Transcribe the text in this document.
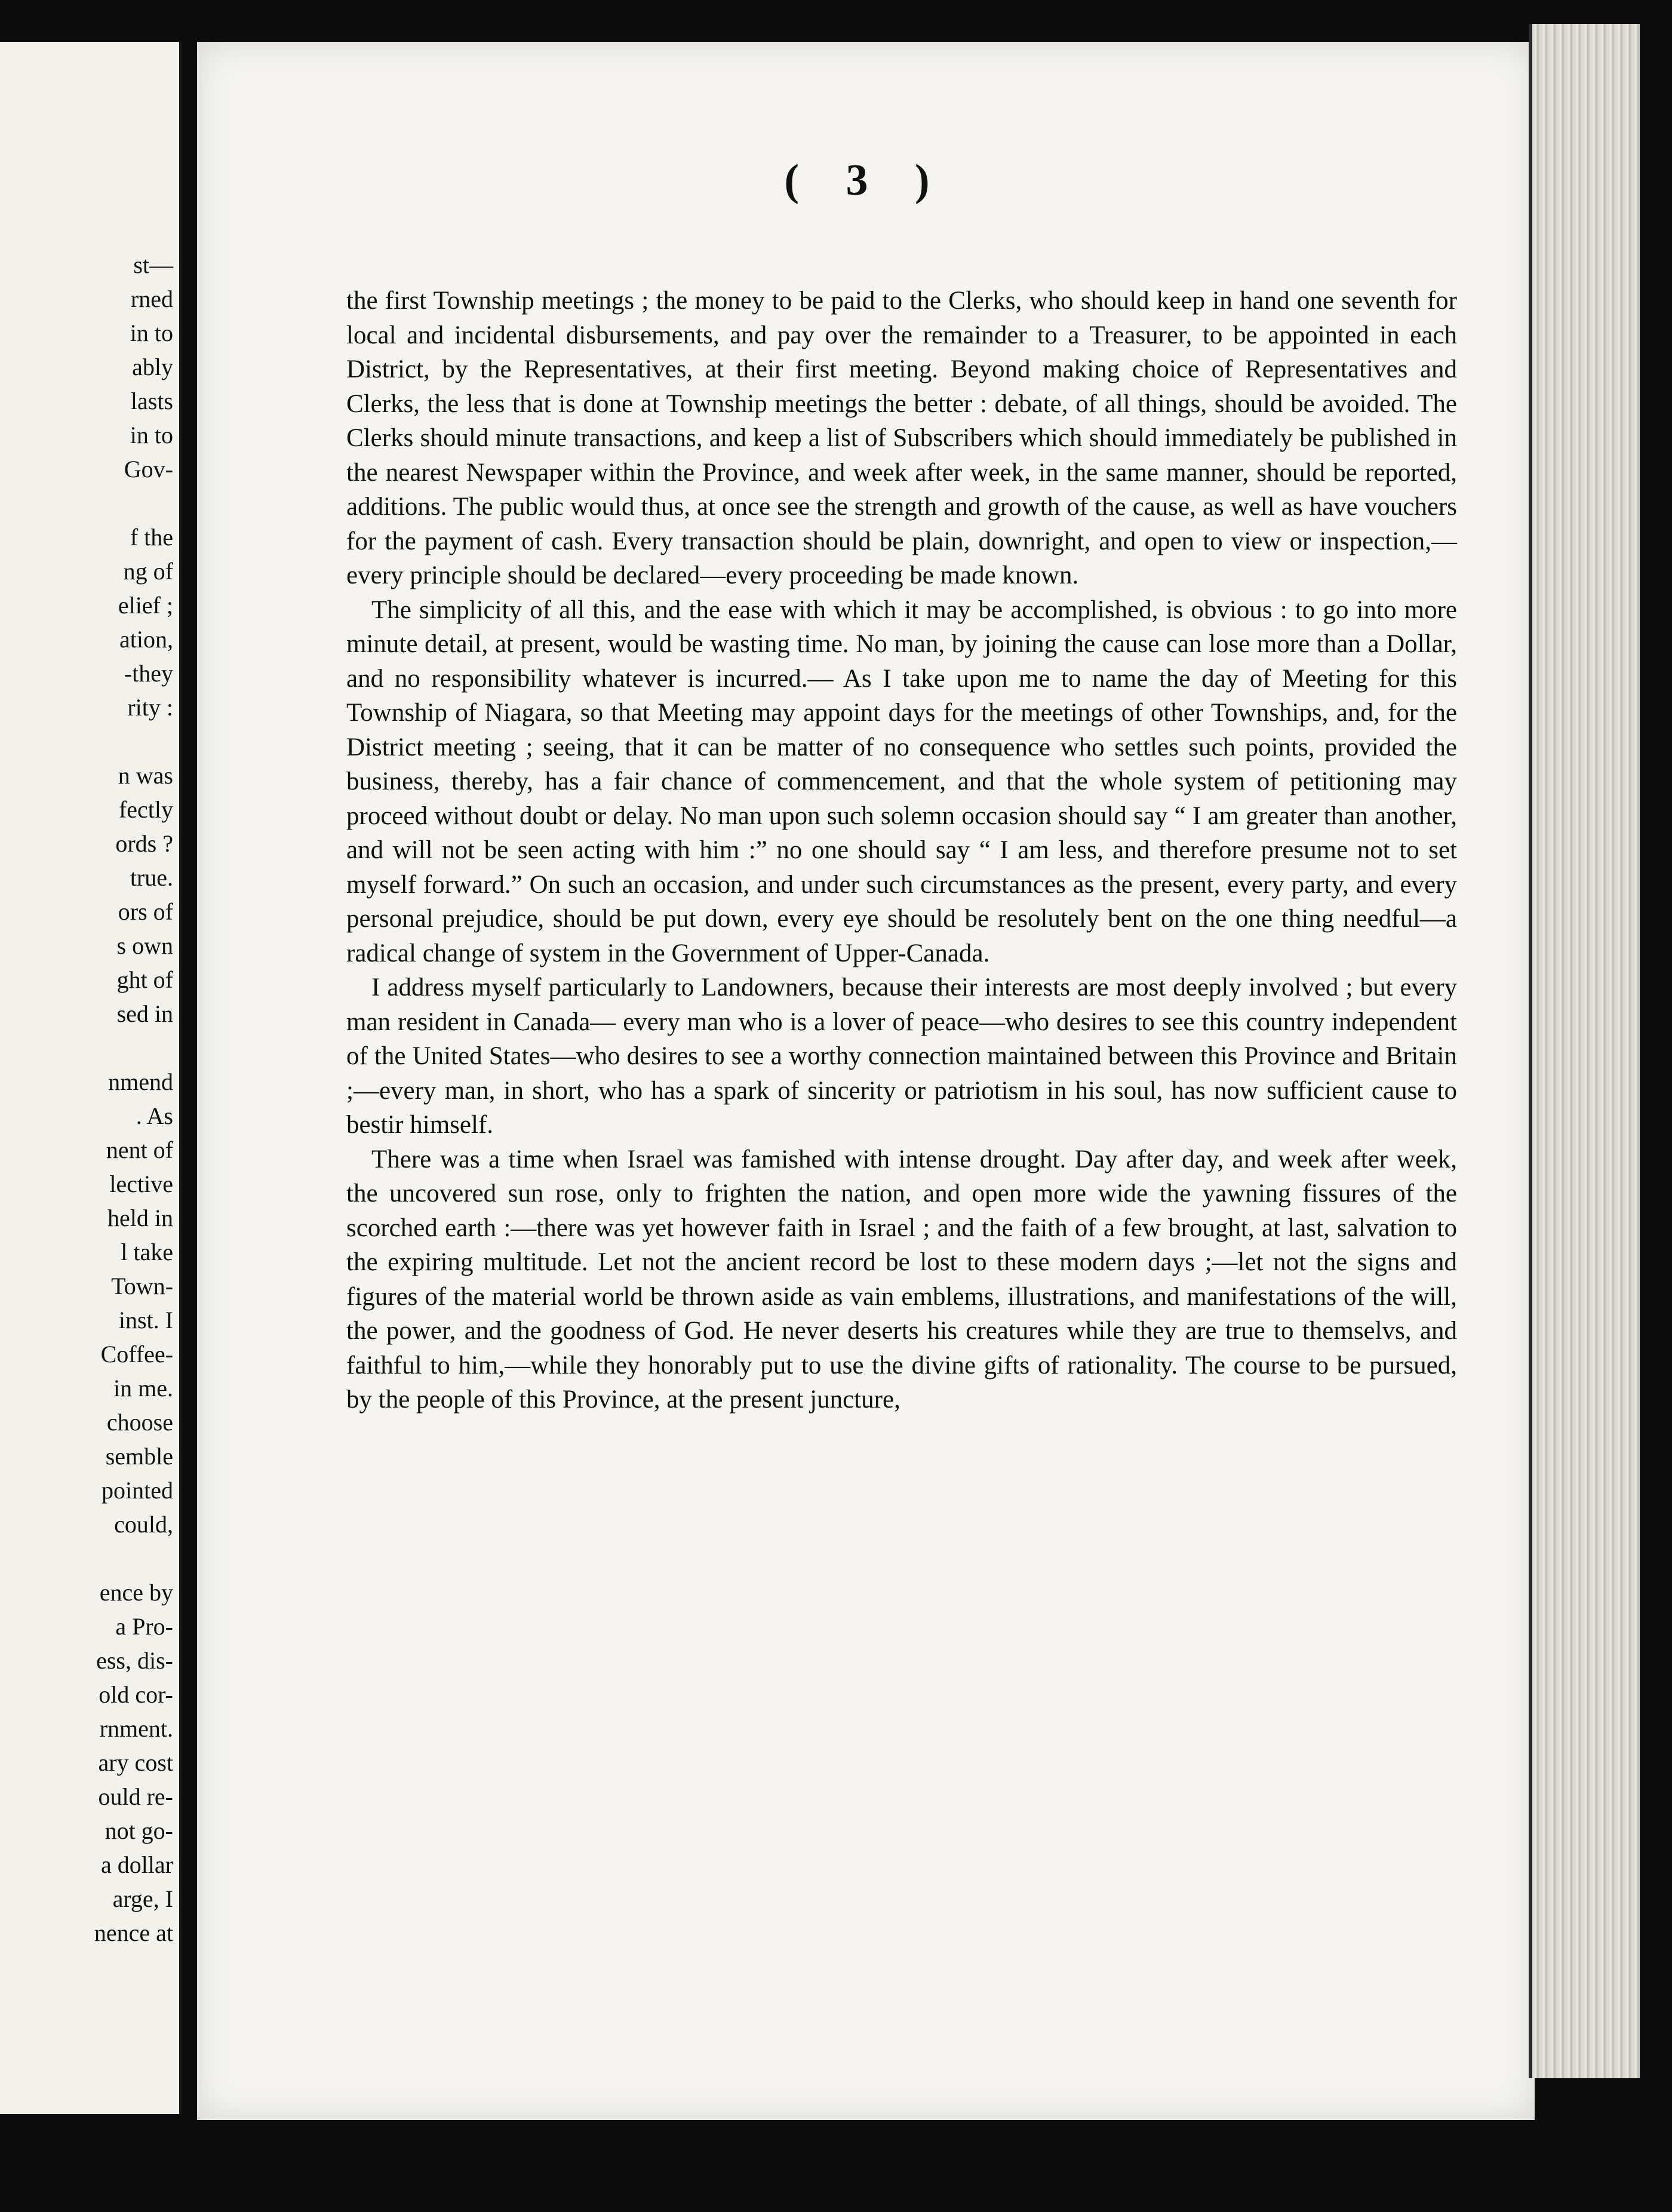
st—
rned
in to
ably
lasts
in to
Gov-
f the
ng of
elief ;
ation,
-they
rity :
n was
fectly
ords ?
true.
ors of
s own
ght of
sed in
nmend
. As
nent of
lective
held in
l take
Town-
inst. I
Coffee-
in me.
choose
semble
pointed
could,
ence by
a Pro-
ess, dis-
old cor-
rnment.
ary cost
ould re-
not go-
a dollar
arge, I
nence at
( 3 )

the first Township meetings ; the money to be paid to the Clerks, who should keep in hand one seventh for local and incidental disbursements, and pay over the remainder to a Treasurer, to be appointed in each District, by the Representatives, at their first meeting. Beyond making choice of Representatives and Clerks, the less that is done at Township meetings the better : debate, of all things, should be avoided. The Clerks should minute transactions, and keep a list of Subscribers which should immediately be published in the nearest Newspaper within the Province, and week after week, in the same manner, should be reported, additions. The public would thus, at once see the strength and growth of the cause, as well as have vouchers for the payment of cash. Every transaction should be plain, downright, and open to view or inspection,—every principle should be declared—every proceeding be made known.

The simplicity of all this, and the ease with which it may be accomplished, is obvious : to go into more minute detail, at present, would be wasting time. No man, by joining the cause can lose more than a Dollar, and no responsibility whatever is incurred.— As I take upon me to name the day of Meeting for this Township of Niagara, so that Meeting may appoint days for the meetings of other Townships, and, for the District meeting ; seeing, that it can be matter of no consequence who settles such points, provided the business, thereby, has a fair chance of commencement, and that the whole system of petitioning may proceed without doubt or delay. No man upon such solemn occasion should say “ I am greater than another, and will not be seen acting with him :” no one should say “ I am less, and therefore presume not to set myself forward.” On such an occasion, and under such circumstances as the present, every party, and every personal prejudice, should be put down, every eye should be resolutely bent on the one thing needful—a radical change of system in the Government of Upper-Canada.

I address myself particularly to Landowners, because their interests are most deeply involved ; but every man resident in Canada— every man who is a lover of peace—who desires to see this country independent of the United States—who desires to see a worthy connection maintained between this Province and Britain ;—every man, in short, who has a spark of sincerity or patriotism in his soul, has now sufficient cause to bestir himself.

There was a time when Israel was famished with intense drought. Day after day, and week after week, the uncovered sun rose, only to frighten the nation, and open more wide the yawning fissures of the scorched earth :—there was yet however faith in Israel ; and the faith of a few brought, at last, salvation to the expiring multitude. Let not the ancient record be lost to these modern days ;—let not the signs and figures of the material world be thrown aside as vain emblems, illustrations, and manifestations of the will, the power, and the goodness of God. He never deserts his creatures while they are true to themselvs, and faithful to him,—while they honorably put to use the divine gifts of rationality. The course to be pursued, by the people of this Province, at the present juncture,
